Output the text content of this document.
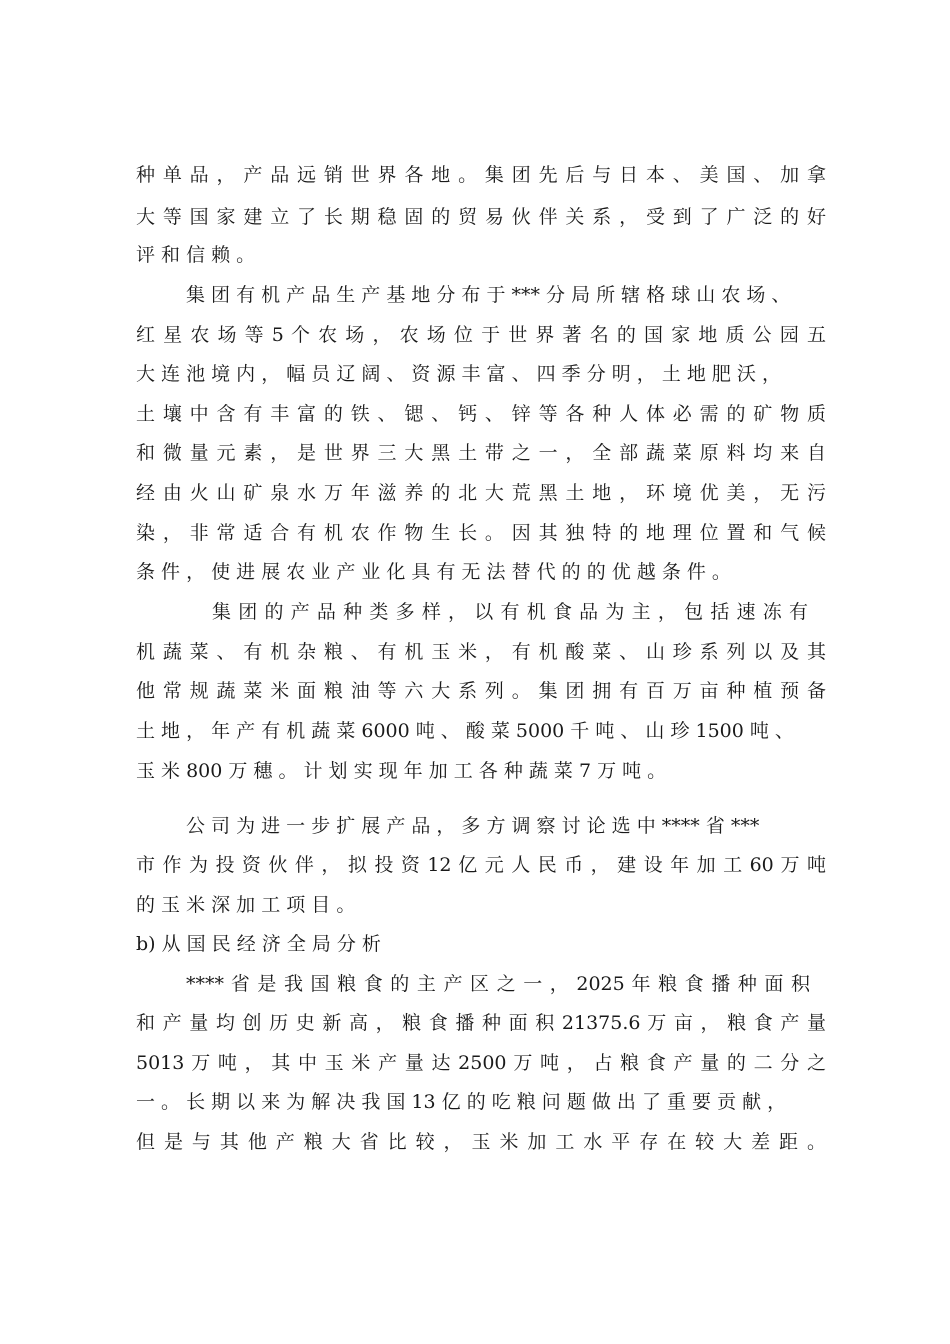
种 单 品 ， 产 品 远 销 世 界 各 地 。 集 团 先 后 与 日 本 、 美 国 、 加 拿
大 等 国 家 建 立 了 长 期 稳 固 的 贸 易 伙 伴 关 系 ， 受 到 了 广 泛 的 好
评 和 信 赖 。
集 团 有 机 产 品 生 产 基 地 分 布 于 *** 分 局 所 辖 格 球 山 农 场 、
红 星 农 场 等 5 个 农 场 ， 农 场 位 于 世 界 著 名 的 国 家 地 质 公 园 五
大 连 池 境 内 ， 幅 员 辽 阔 、 资 源 丰 富 、 四 季 分 明 ， 土 地 肥 沃 ，
土 壤 中 含 有 丰 富 的 铁 、 锶 、 钙 、 锌 等 各 种 人 体 必 需 的 矿 物 质
和 微 量 元 素 ， 是 世 界 三 大 黑 土 带 之 一 ， 全 部 蔬 菜 原 料 均 来 自
经 由 火 山 矿 泉 水 万 年 滋 养 的 北 大 荒 黑 土 地 ， 环 境 优 美 ， 无 污
染 ， 非 常 适 合 有 机 农 作 物 生 长 。 因 其 独 特 的 地 理 位 置 和 气 候
条 件 ， 使 进 展 农 业 产 业 化 具 有 无 法 替 代 的 的 优 越 条 件 。
集 团 的 产 品 种 类 多 样 ， 以 有 机 食 品 为 主 ， 包 括 速 冻 有
机 蔬 菜 、 有 机 杂 粮 、 有 机 玉 米 ， 有 机 酸 菜 、 山 珍 系 列 以 及 其
他 常 规 蔬 菜 米 面 粮 油 等 六 大 系 列 。 集 团 拥 有 百 万 亩 种 植 预 备
土 地 ， 年 产 有 机 蔬 菜 6000 吨 、 酸 菜 5000 千 吨 、 山 珍 1500 吨 、
玉 米 800 万 穗 。 计 划 实 现 年 加 工 各 种 蔬 菜 7 万 吨 。
公 司 为 进 一 步 扩 展 产 品 ， 多 方 调 察 讨 论 选 中 **** 省 ***
市 作 为 投 资 伙 伴 ， 拟 投 资 12 亿 元 人 民 币 ， 建 设 年 加 工 60 万 吨
的 玉 米 深 加 工 项 目 。
b) 从 国 民 经 济 全 局 分 析
**** 省 是 我 国 粮 食 的 主 产 区 之 一 ， 2025 年 粮 食 播 种 面 积
和 产 量 均 创 历 史 新 高 ， 粮 食 播 种 面 积 21375.6 万 亩 ， 粮 食 产 量
5013 万 吨 ， 其 中 玉 米 产 量 达 2500 万 吨 ， 占 粮 食 产 量 的 二 分 之
一 。 长 期 以 来 为 解 决 我 国 13 亿 的 吃 粮 问 题 做 出 了 重 要 贡 献 ，
但 是 与 其 他 产 粮 大 省 比 较 ， 玉 米 加 工 水 平 存 在 较 大 差 距 。
